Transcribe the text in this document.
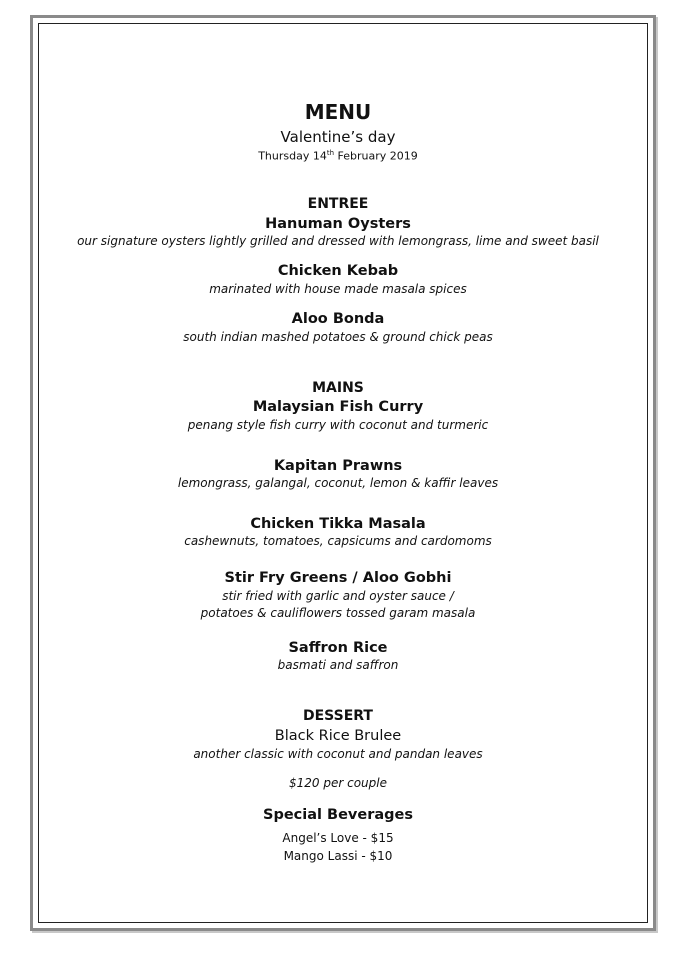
MENU
Valentine’s day
Thursday 14th February 2019
ENTREE
Hanuman Oysters
our signature oysters lightly grilled and dressed with lemongrass, lime and sweet basil
Chicken Kebab
marinated with house made masala spices
Aloo Bonda
south indian mashed potatoes & ground chick peas
MAINS
Malaysian Fish Curry
penang style fish curry with coconut and turmeric
Kapitan Prawns
lemongrass, galangal, coconut, lemon & kaffir leaves
Chicken Tikka Masala
cashewnuts, tomatoes, capsicums and cardomoms
Stir Fry Greens / Aloo Gobhi
stir fried with garlic and oyster sauce /
potatoes & cauliflowers tossed garam masala
Saffron Rice
basmati and saffron
DESSERT
Black Rice Brulee
another classic with coconut and pandan leaves
$120 per couple
Special Beverages
Angel’s Love - $15
Mango Lassi - $10
